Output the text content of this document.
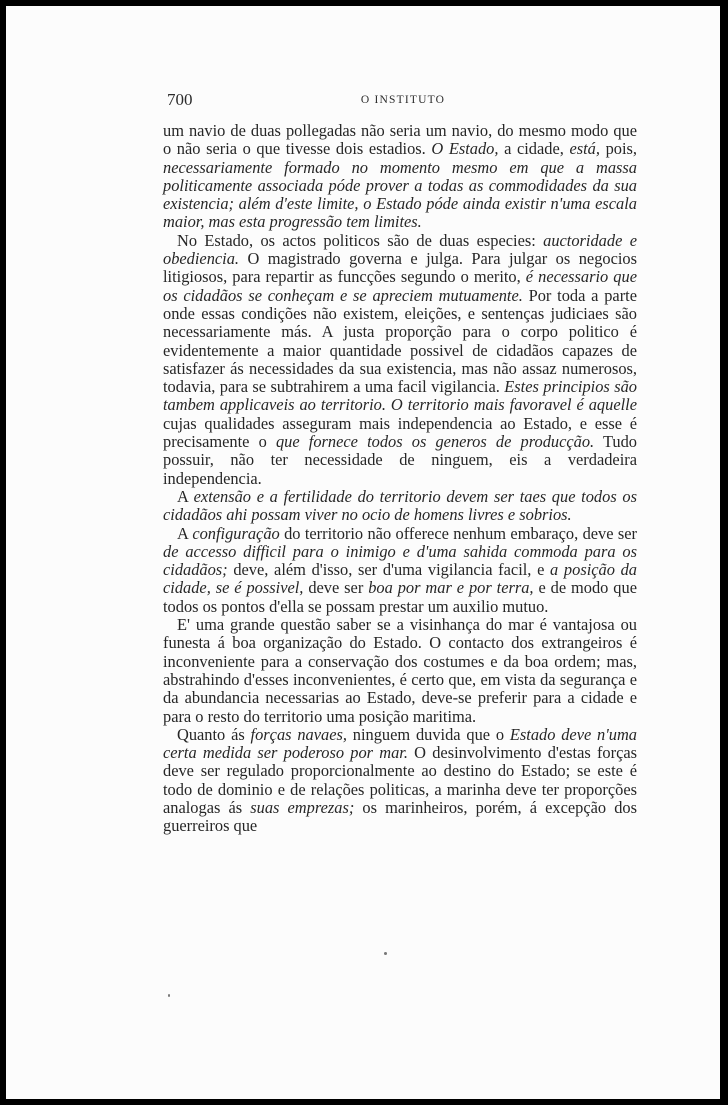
700	O INSTITUTO

um navio de duas pollegadas não seria um navio, do mesmo modo que o não seria o que tivesse dois estadios. O Estado, a cidade, está, pois, necessariamente formado no momento mesmo em que a massa politicamente associada póde prover a todas as commodidades da sua existencia; além d'este limite, o Estado póde ainda existir n'uma escala maior, mas esta progressão tem limites.

No Estado, os actos politicos são de duas especies: auctoridade e obediencia. O magistrado governa e julga. Para julgar os negocios litigiosos, para repartir as funcções segundo o merito, é necessario que os cidadãos se conheçam e se apreciem mutuamente. Por toda a parte onde essas condições não existem, eleições, e sentenças judiciaes são necessariamente más. A justa proporção para o corpo politico é evidentemente a maior quantidade possivel de cidadãos capazes de satisfazer ás necessidades da sua existencia, mas não assaz numerosos, todavia, para se subtrahirem a uma facil vigilancia. Estes principios são tambem applicaveis ao territorio. O territorio mais favoravel é aquelle cujas qualidades asseguram mais independencia ao Estado, e esse é precisamente o que fornece todos os generos de producção. Tudo possuir, não ter necessidade de ninguem, eis a verdadeira independencia.

A extensão e a fertilidade do territorio devem ser taes que todos os cidadãos ahi possam viver no ocio de homens livres e sobrios.

A configuração do territorio não offerece nenhum embaraço, deve ser de accesso difficil para o inimigo e d'uma sahida commoda para os cidadãos; deve, além d'isso, ser d'uma vigilancia facil, e a posição da cidade, se é possivel, deve ser boa por mar e por terra, e de modo que todos os pontos d'ella se possam prestar um auxilio mutuo.

E' uma grande questão saber se a visinhança do mar é vantajosa ou funesta á boa organização do Estado. O contacto dos extrangeiros é inconveniente para a conservação dos costumes e da boa ordem; mas, abstrahindo d'esses inconvenientes, é certo que, em vista da segurança e da abundancia necessarias ao Estado, deve-se preferir para a cidade e para o resto do territorio uma posição maritima.

Quanto ás forças navaes, ninguem duvida que o Estado deve n'uma certa medida ser poderoso por mar. O desinvolvimento d'estas forças deve ser regulado proporcionalmente ao destino do Estado; se este é todo de dominio e de relações politicas, a marinha deve ter proporções analogas ás suas emprezas; os marinheiros, porém, á excepção dos guerreiros que
